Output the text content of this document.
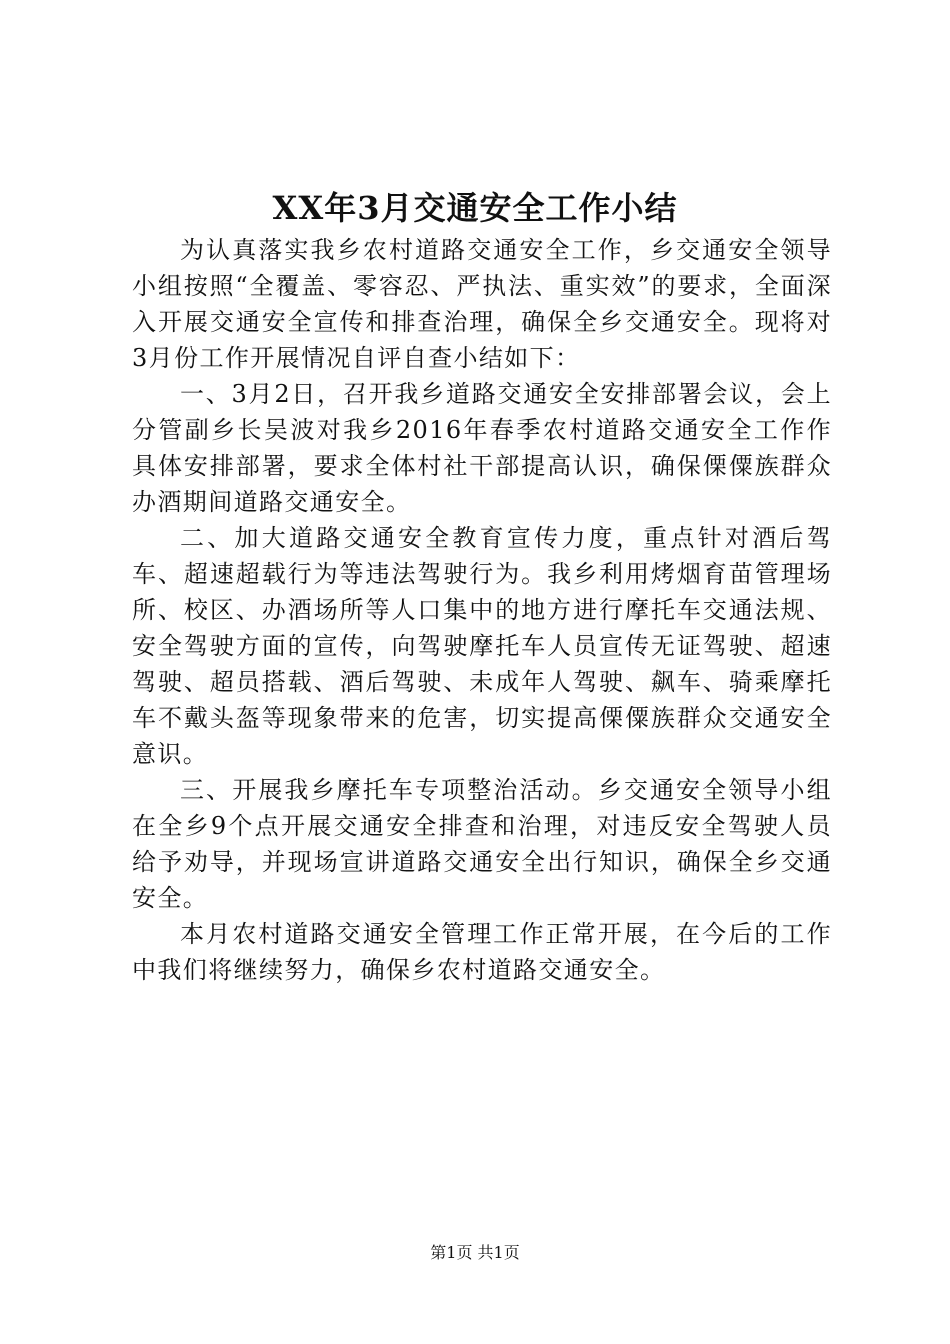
XX年3月交通安全工作小结

为认真落实我乡农村道路交通安全工作，乡交通安全领导小组按照“全覆盖、零容忍、严执法、重实效”的要求，全面深入开展交通安全宣传和排查治理，确保全乡交通安全。现将对3月份工作开展情况自评自查小结如下：

一、3月2日，召开我乡道路交通安全安排部署会议，会上分管副乡长吴波对我乡2016年春季农村道路交通安全工作作具体安排部署，要求全体村社干部提高认识，确保傈僳族群众办酒期间道路交通安全。

二、加大道路交通安全教育宣传力度，重点针对酒后驾车、超速超载行为等违法驾驶行为。我乡利用烤烟育苗管理场所、校区、办酒场所等人口集中的地方进行摩托车交通法规、安全驾驶方面的宣传，向驾驶摩托车人员宣传无证驾驶、超速驾驶、超员搭载、酒后驾驶、未成年人驾驶、飙车、骑乘摩托车不戴头盔等现象带来的危害，切实提高傈僳族群众交通安全意识。

三、开展我乡摩托车专项整治活动。乡交通安全领导小组在全乡9个点开展交通安全排查和治理，对违反安全驾驶人员给予劝导，并现场宣讲道路交通安全出行知识，确保全乡交通安全。

本月农村道路交通安全管理工作正常开展，在今后的工作中我们将继续努力，确保乡农村道路交通安全。

第1页 共1页
